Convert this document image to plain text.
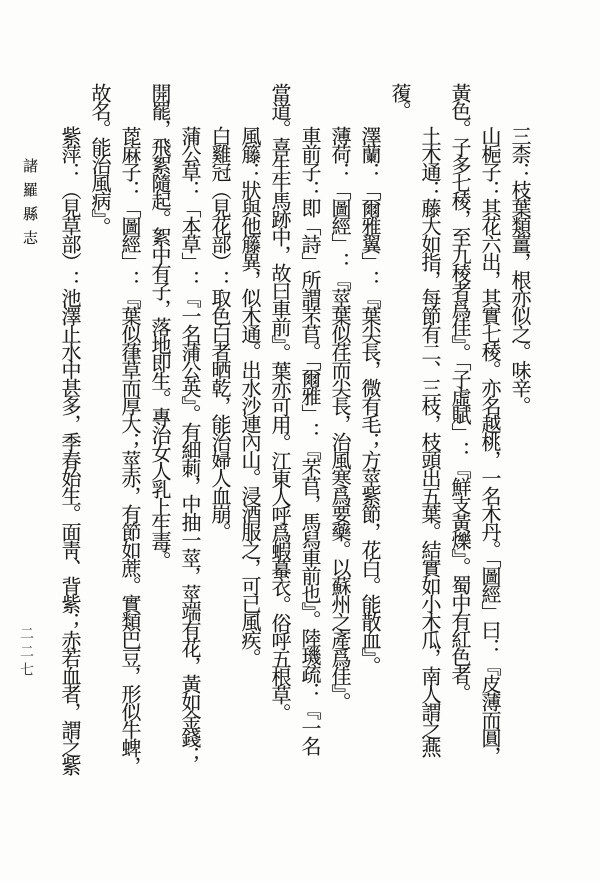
三柰：枝葉類薑，根亦似之。味辛。
山梔子：其花六出，其實七稜。亦名越桃，一名木丹。「圖經」曰：『皮薄而圓，
黃色。子多七稜，至九稜者爲佳』。「子虛賦」：『鮮支黃爍』。蜀中有紅色者。
土木通：藤大如指，每節有二、三枝，枝頭出五葉。結實如小木瓜，南人謂之燕
蕧。
澤蘭：「爾雅翼」：『葉尖長，微有毛；方莖紫節，花白。能散血』。
薄荷：「圖經」：『莖葉似荏而尖長，治風寒爲要藥。以蘇州之產爲佳』。
車前子：即「詩」所謂芣苢。「爾雅」：『芣苢，馬舄車前也』。陸璣疏：『一名
當道。喜生牛馬跡中，故曰車前』。葉亦可用。江東人呼爲蝦蟇衣。俗呼五根草。
風籐：狀與他籐異，似木通。出水沙連內山。浸酒服之，可已風疾。
白雞冠（見花部）：取色白者晒乾，能治婦人血崩。
蒲公草：「本草」：『一名蒲公英』。有細莿，中抽一莖，莖端有花，黃如金錢；
開罷，飛絮隨起。絮中有子，落地即生。專治女人乳上生毒。
萞麻子：「圖經」：『葉似葎草而厚大；莖赤，有節如蔗。實類巴豆，形似牛蜱，
故名。能治風病』。
紫萍：（見草部）：池澤止水中甚多，季春始生。面靑、背紫；赤若血者，謂之紫
諸羅縣志
二二七
